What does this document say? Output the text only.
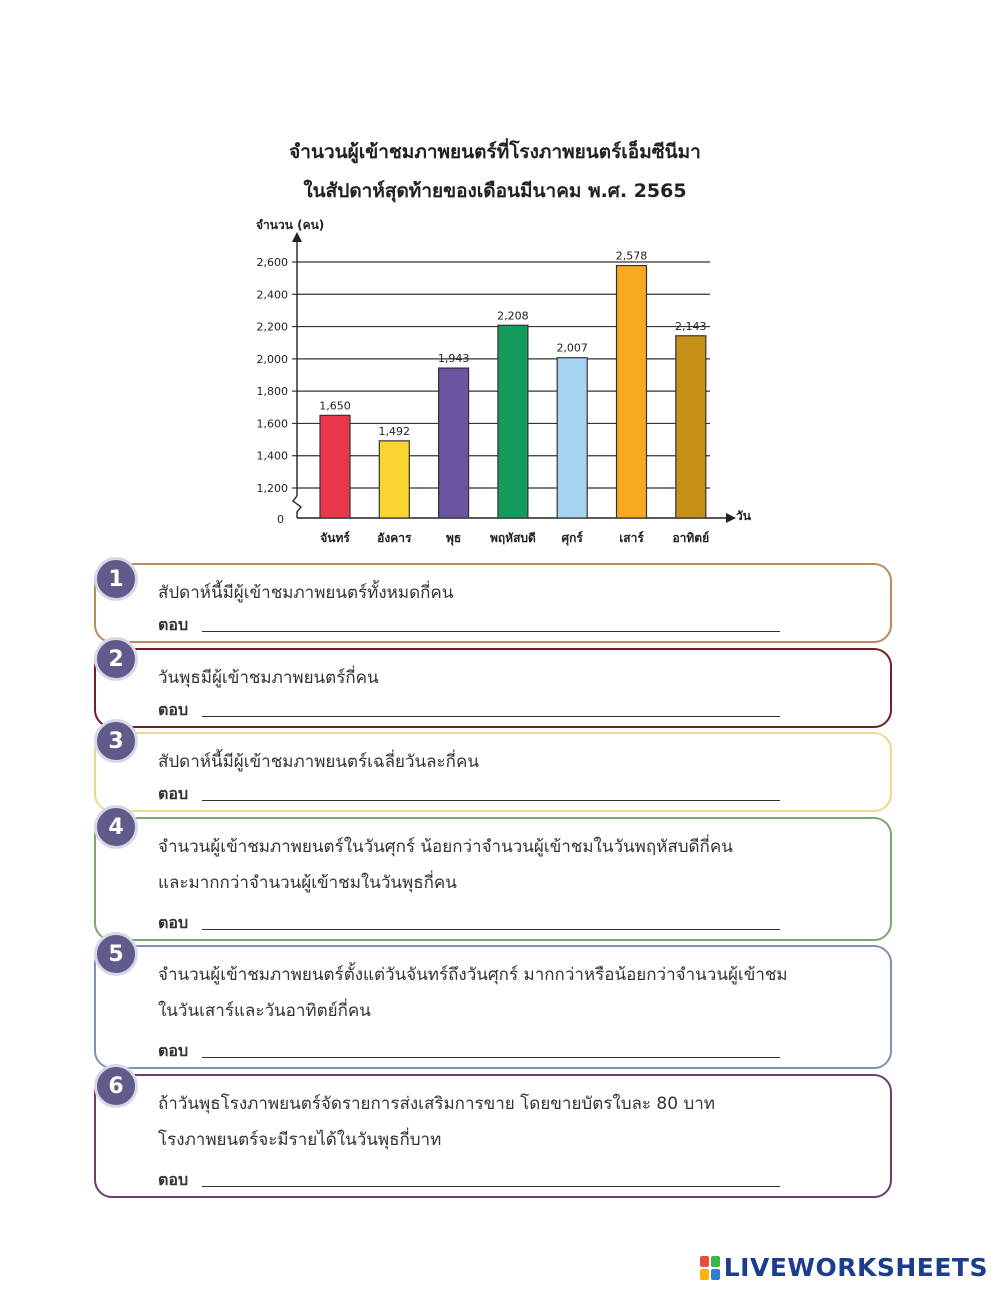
จำนวนผู้เข้าชมภาพยนตร์ที่โรงภาพยนตร์เอ็มซีนีมา
ในสัปดาห์สุดท้ายของเดือนมีนาคม พ.ศ. 2565
จำนวน (คน)
1,200
1,400
1,600
1,800
2,000
2,200
2,400
2,600
0	วัน
1,650
จันทร์
1,492
อังคาร
1,943
พุธ
2,208
พฤหัสบดี
2,007
ศุกร์
2,578
เสาร์
2,143
อาทิตย์
สัปดาห์นี้มีผู้เข้าชมภาพยนตร์ทั้งหมดกี่คน
ตอบ
1
วันพุธมีผู้เข้าชมภาพยนตร์กี่คน
ตอบ
2
สัปดาห์นี้มีผู้เข้าชมภาพยนตร์เฉลี่ยวันละกี่คน
ตอบ
3
จำนวนผู้เข้าชมภาพยนตร์ในวันศุกร์ น้อยกว่าจำนวนผู้เข้าชมในวันพฤหัสบดีกี่คน
และมากกว่าจำนวนผู้เข้าชมในวันพุธกี่คน
ตอบ
4
จำนวนผู้เข้าชมภาพยนตร์ตั้งแต่วันจันทร์ถึงวันศุกร์ มากกว่าหรือน้อยกว่าจำนวนผู้เข้าชม
ในวันเสาร์และวันอาทิตย์กี่คน
ตอบ
5
ถ้าวันพุธโรงภาพยนตร์จัดรายการส่งเสริมการขาย โดยขายบัตรใบละ 80 บาท
โรงภาพยนตร์จะมีรายได้ในวันพุธกี่บาท
ตอบ
6
LIVEWORKSHEETS
